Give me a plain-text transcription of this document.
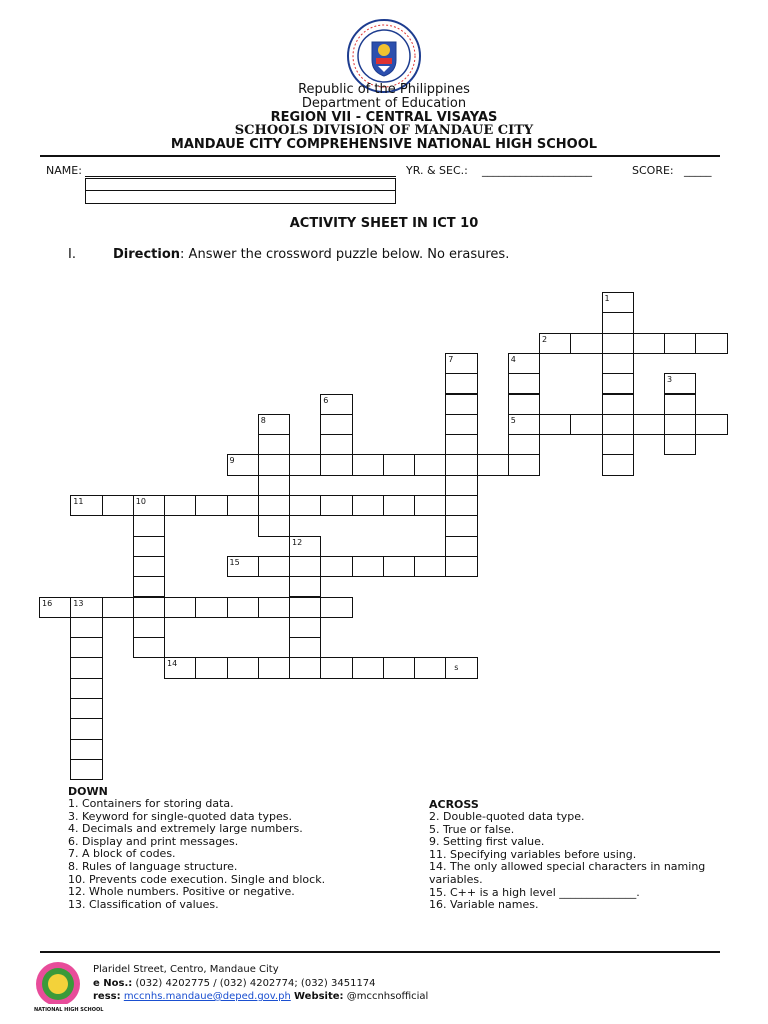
Republic of the Philippines
Department of Education
REGION VII - CENTRAL VISAYAS
SCHOOLS DIVISION OF MANDAUE CITY
MANDAUE CITY COMPREHENSIVE NATIONAL HIGH SCHOOL
NAME:	YR. & SEC.: ____________________	SCORE: _____
ACTIVITY SHEET IN ICT 10
I.	Direction: Answer the crossword puzzle below. No erasures.
1
2
3
4
5
6
7
8
9
10
11
12
15
16	13
14	s
DOWN
1. Containers for storing data.
3. Keyword for single-quoted data types.
4. Decimals and extremely large numbers.
6. Display and print messages.
7. A block of codes.
8. Rules of language structure.
10. Prevents code execution. Single and block.
12. Whole numbers. Positive or negative.
13. Classification of values.
ACROSS
2. Double-quoted data type.
5. True or false.
9. Setting first value.
11. Specifying variables before using.
14. The only allowed special characters in naming variables.
15. C++ is a high level ______________.
16. Variable names.
NATIONAL HIGH SCHOOL
Plaridel Street, Centro, Mandaue City
e Nos.: (032) 4202775 / (032) 4202774; (032) 3451174
ress: mccnhs.mandaue@deped.gov.ph Website: @mccnhsofficial
